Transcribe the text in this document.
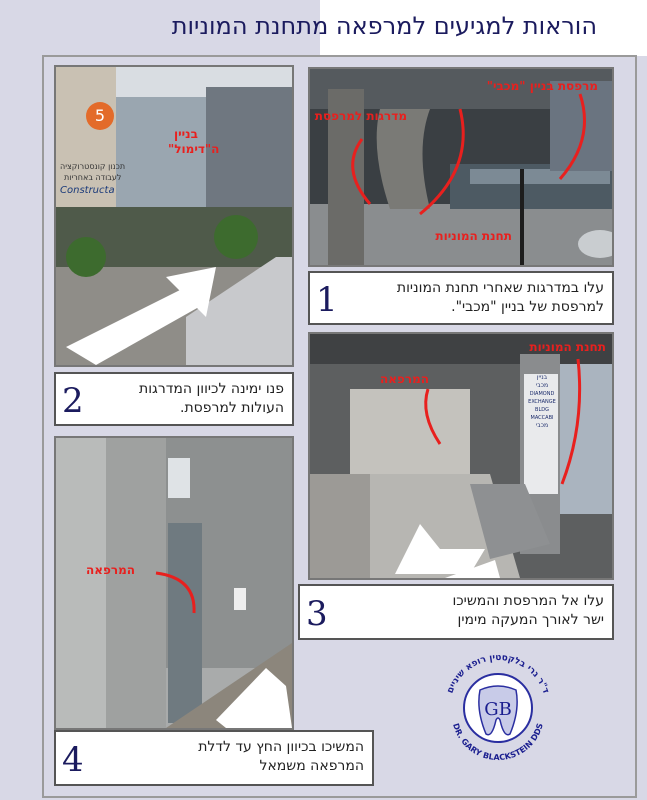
הוראות למגיעים למרפאה מתחנת המוניות
מרפסת בניין "מכבי"
מדרגות למרפסת
תחנת המוניות
1	עלו במדרגות שאחרי תחנת המוניות
למרפסת של בניין "מכבי".
5
תכנון קונסטרוקציה
לעבודה באחריות
Constructa
בניין
ה"דימול"
2	פנו ימינה לכיוון המדרגות
העולות למרפסת.
בניין
מכבי
DIAMOND
EXCHANGE
BLDG
MACCABI
מכבי
תחנת המוניות
המרפאה
3	עלו אל המרפסת והמשיכו
ישר לאורך המעקה מימין
המרפאה
4	המשיכו בכיוון החץ עד לדלת
המרפאה משמאל
GB
ד"ר גרי בלקסטין רופא שיניים
DR. GARY BLACKSTEIN DDS
